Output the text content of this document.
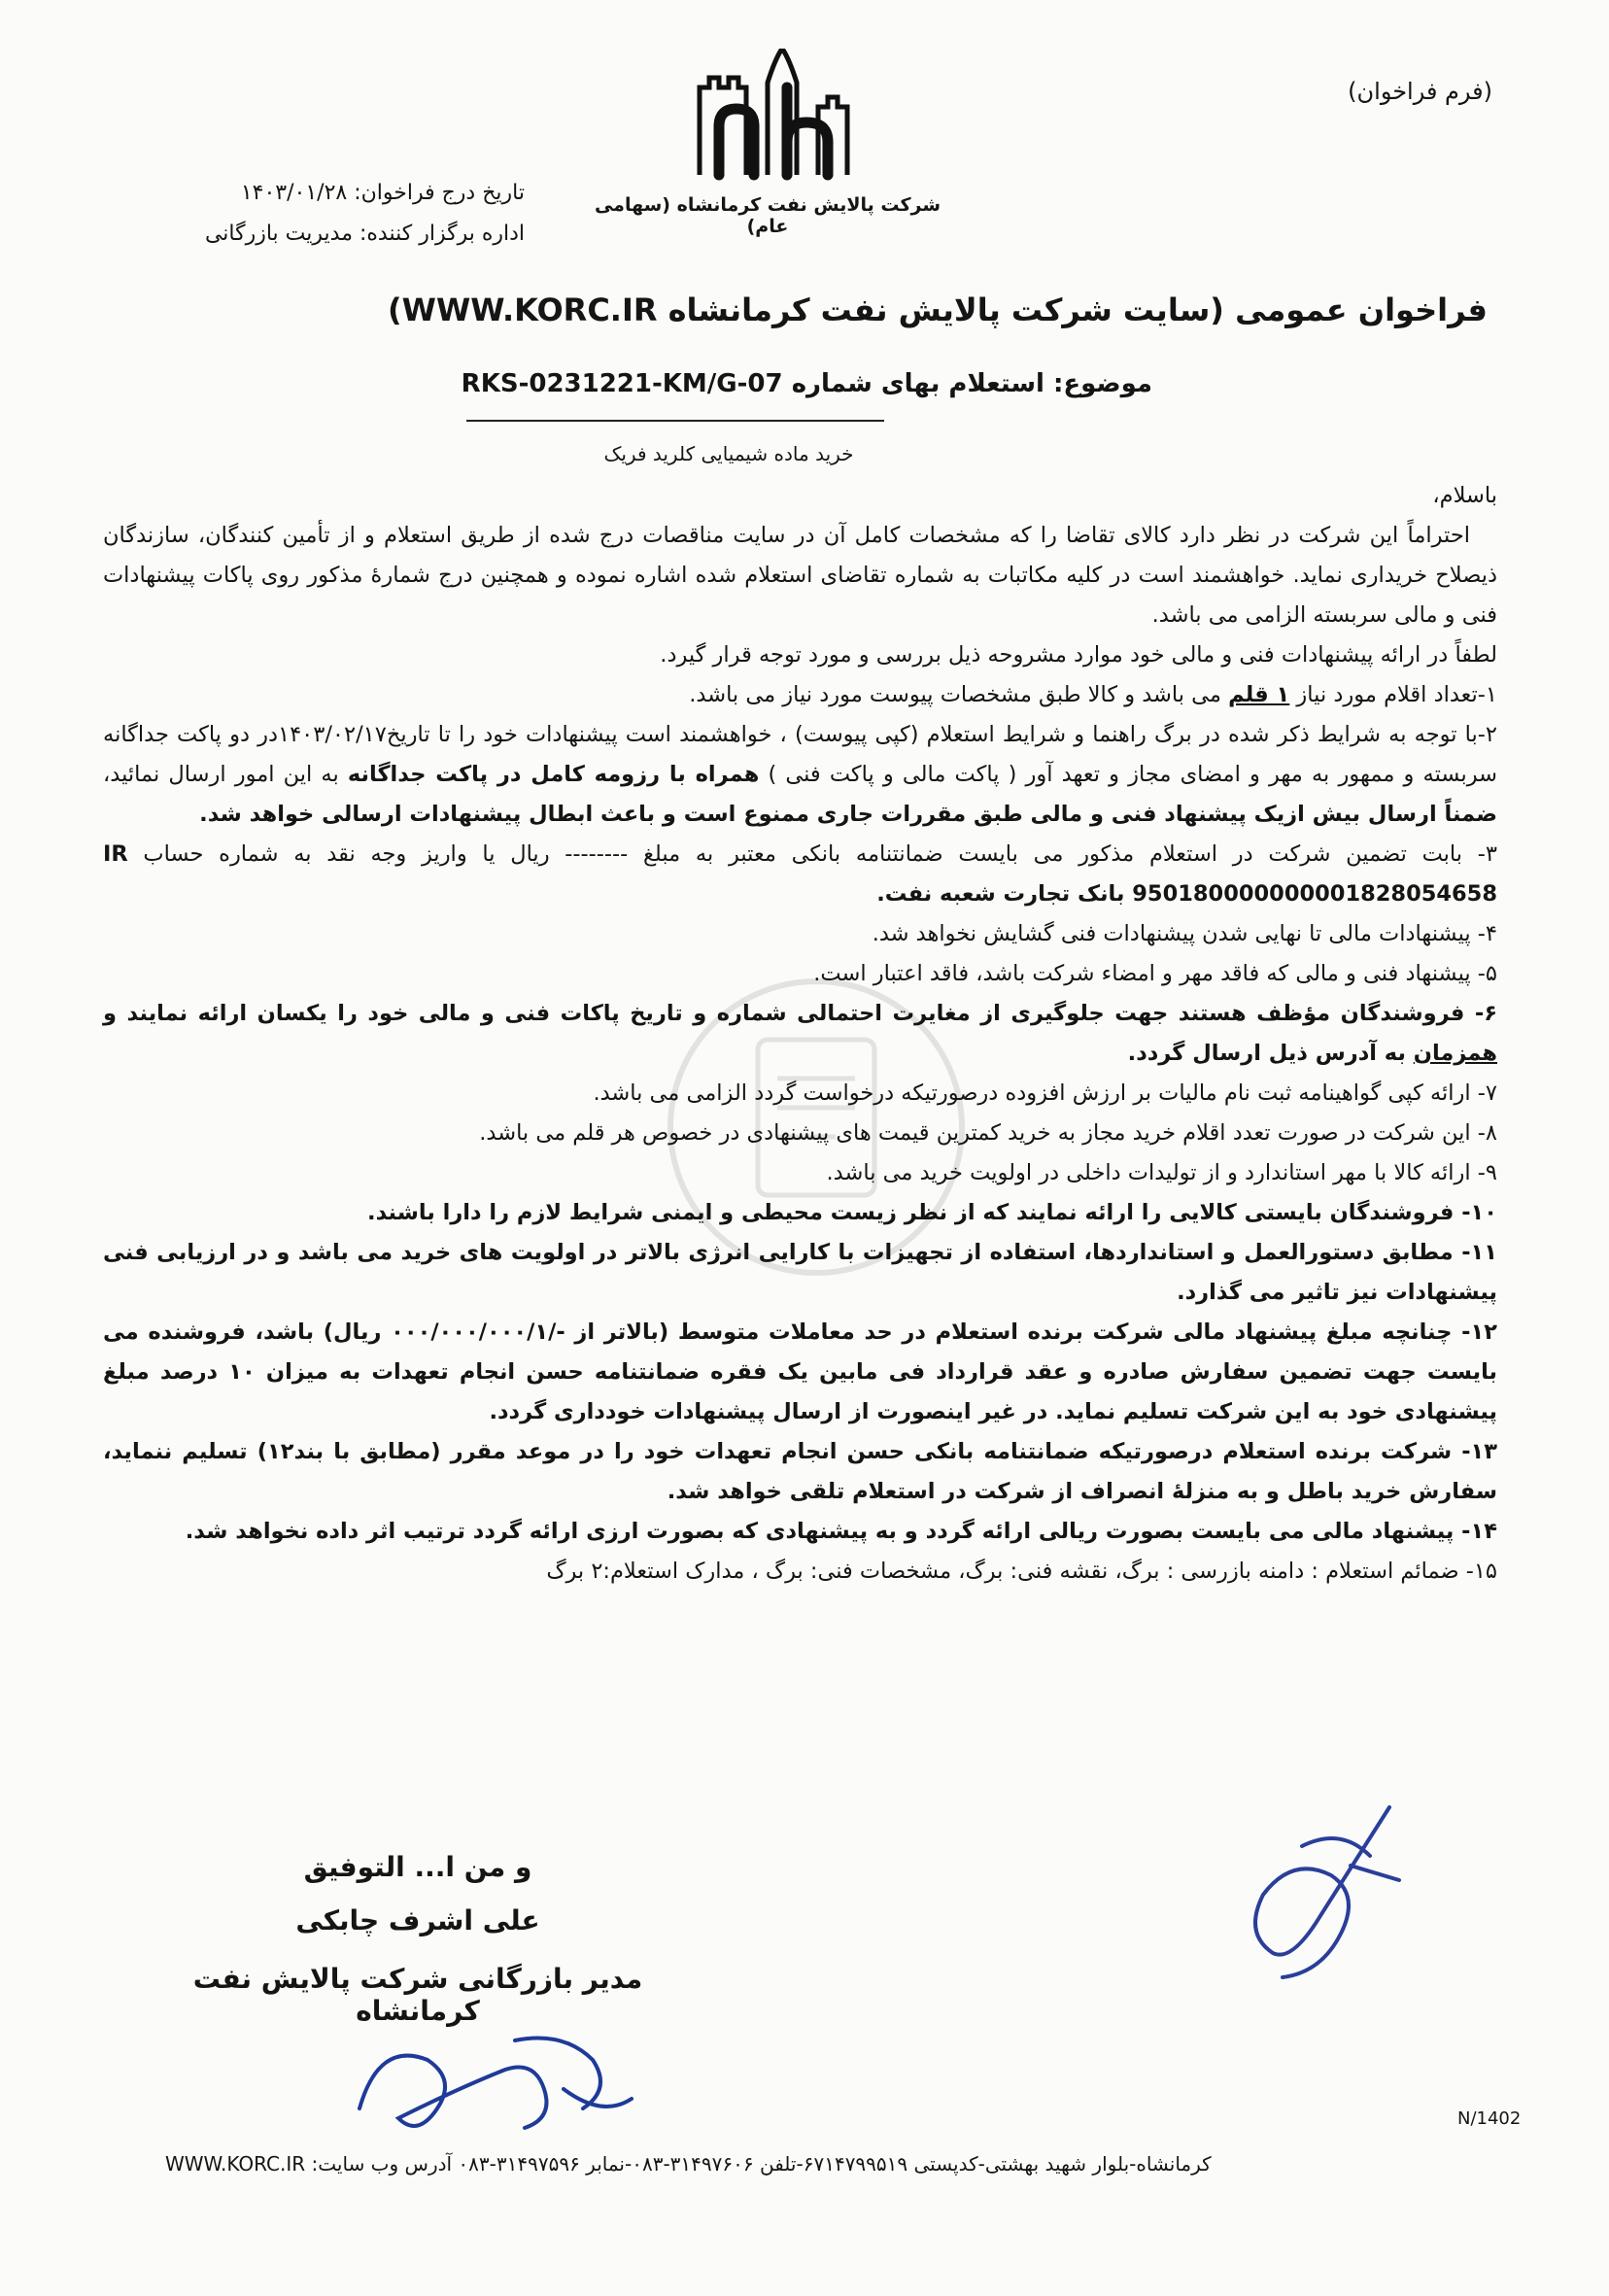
(فرم فراخوان)
شرکت پالایش نفت کرمانشاه (سهامی عام)
تاریخ درج فراخوان: ۱۴۰۳/۰۱/۲۸
اداره برگزار کننده: مدیریت بازرگانی
فراخوان عمومی (سایت شرکت پالایش نفت کرمانشاه WWW.KORC.IR)
موضوع: استعلام بهای شماره RKS-0231221-KM/G-07
خرید ماده شیمیایی کلرید فریک

باسلام،

احتراماً این شرکت در نظر دارد کالای تقاضا را که مشخصات کامل آن در سایت مناقصات درج شده از طریق استعلام و از تأمین کنندگان، سازندگان ذیصلاح خریداری نماید. خواهشمند است در کلیه مکاتبات به شماره تقاضای استعلام شده اشاره نموده و همچنین درج شمارهٔ مذکور روی پاکات پیشنهادات فنی و مالی سربسته الزامی می باشد.

لطفاً در ارائه پیشنهادات فنی و مالی خود موارد مشروحه ذیل بررسی و مورد توجه قرار گیرد.

۱-تعداد اقلام مورد نیاز ۱ قلم می باشد و کالا طبق مشخصات پیوست مورد نیاز می باشد.

۲-با توجه به شرایط ذکر شده در برگ راهنما و شرایط استعلام (کپی پیوست) ، خواهشمند است پیشنهادات خود را تا تاریخ۱۴۰۳/۰۲/۱۷در دو پاکت جداگانه سربسته و ممهور به مهر و امضای مجاز و تعهد آور ( پاکت مالی و پاکت فنی ) همراه با رزومه کامل در پاکت جداگانه به این امور ارسال نمائید، ضمناً ارسال بیش ازیک پیشنهاد فنی و مالی طبق مقررات جاری ممنوع است و باعث ابطال پیشنهادات ارسالی خواهد شد.

۳- بابت تضمین شرکت در استعلام مذکور می بایست ضمانتنامه بانکی معتبر به مبلغ -------- ریال یا واریز وجه نقد به شماره حساب IR 950180000000001828054658 بانک تجارت شعبه نفت.

۴- پیشنهادات مالی تا نهایی شدن پیشنهادات فنی گشایش نخواهد شد.

۵- پیشنهاد فنی و مالی که فاقد مهر و امضاء شرکت باشد، فاقد اعتبار است.

۶- فروشندگان مؤظف هستند جهت جلوگیری از مغایرت احتمالی شماره و تاریخ پاکات فنی و مالی خود را یکسان ارائه نمایند و همزمان به آدرس ذیل ارسال گردد.

۷- ارائه کپی گواهینامه ثبت نام مالیات بر ارزش افزوده درصورتیکه درخواست گردد الزامی می باشد.

۸- این شرکت در صورت تعدد اقلام خرید مجاز به خرید کمترین قیمت های پیشنهادی در خصوص هر قلم می باشد.

۹- ارائه کالا با مهر استاندارد و از تولیدات داخلی در اولویت خرید می باشد.

۱۰- فروشندگان بایستی کالایی را ارائه نمایند که از نظر زیست محیطی و ایمنی شرایط لازم را دارا باشند.

۱۱- مطابق دستورالعمل و استانداردها، استفاده از تجهیزات با کارایی انرژی بالاتر در اولویت های خرید می باشد و در ارزیابی فنی پیشنهادات نیز تاثیر می گذارد.

۱۲- چنانچه مبلغ پیشنهاد مالی شرکت برنده استعلام در حد معاملات متوسط (بالاتر از -/۰۰۰/۰۰۰/۰۰۰/۱ ریال) باشد، فروشنده می بایست جهت تضمین سفارش صادره و عقد قرارداد فی مابین یک فقره ضمانتنامه حسن انجام تعهدات به میزان ۱۰ درصد مبلغ پیشنهادی خود به این شرکت تسلیم نماید. در غیر اینصورت از ارسال پیشنهادات خودداری گردد.

۱۳- شرکت برنده استعلام درصورتیکه ضمانتنامه بانکی حسن انجام تعهدات خود را در موعد مقرر (مطابق با بند۱۲) تسلیم ننماید، سفارش خرید باطل و به منزلهٔ انصراف از شرکت در استعلام تلقی خواهد شد.

۱۴- پیشنهاد مالی می بایست بصورت ریالی ارائه گردد و به پیشنهادی که بصورت ارزی ارائه گردد ترتیب اثر داده نخواهد شد.

۱۵- ضمائم استعلام : دامنه بازرسی : برگ، نقشه فنی: برگ، مشخصات فنی: برگ ، مدارک استعلام:۲ برگ

و من ا... التوفیق
علی اشرف چابکی
مدیر بازرگانی شرکت پالایش نفت کرمانشاه
N/1402
کرمانشاه-بلوار شهید بهشتی-کدپستی ۶۷۱۴۷۹۹۵۱۹-تلفن ۳۱۴۹۷۶۰۶-۰۸۳-نمابر ۳۱۴۹۷۵۹۶-۰۸۳ آدرس وب سایت: WWW.KORC.IR
